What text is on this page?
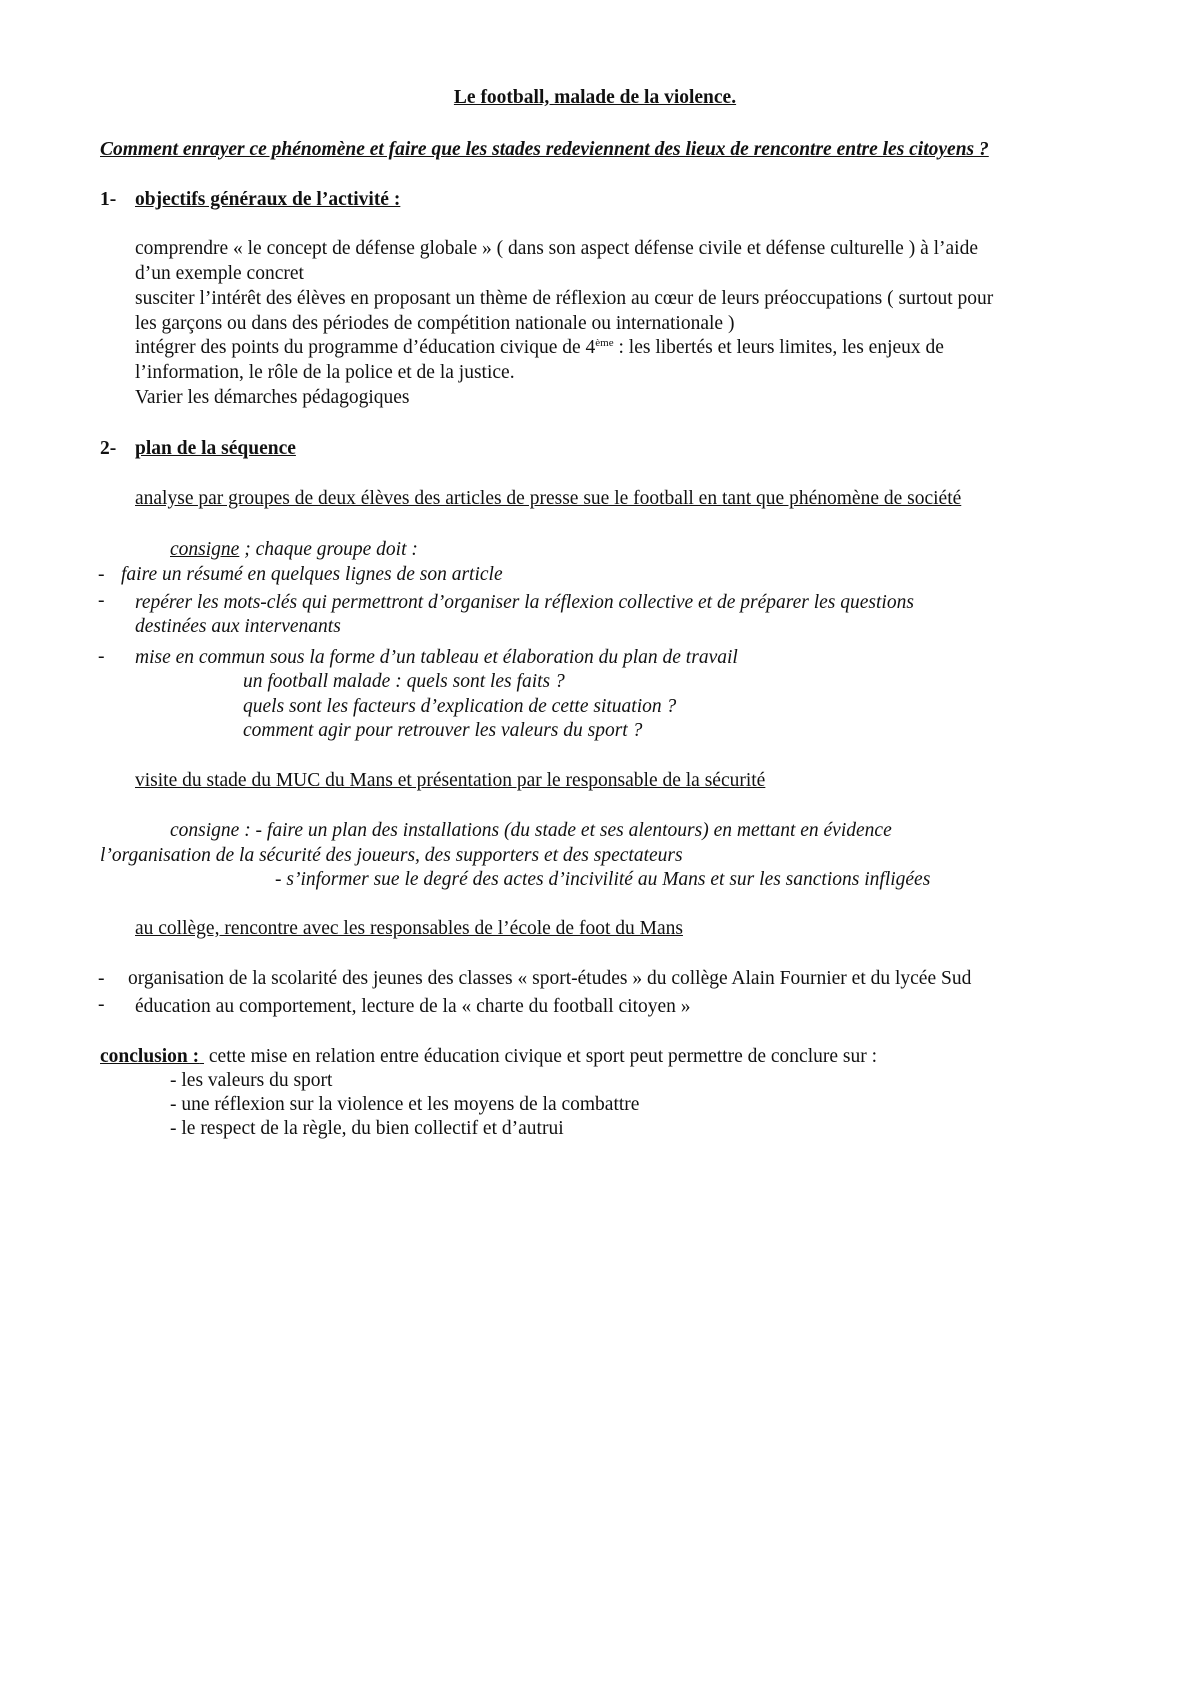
Le football, malade de la violence.
Comment enrayer ce phénomène et faire que les stades redeviennent des lieux de rencontre entre les citoyens ?
1- objectifs généraux de l’activité :
comprendre « le concept de défense globale » ( dans son aspect défense civile et défense culturelle ) à l’aide
d’un exemple concret
susciter l’intérêt des élèves en proposant un thème de réflexion au cœur de leurs préoccupations ( surtout pour
les garçons ou dans des périodes de compétition nationale ou internationale )
intégrer des points du programme d’éducation civique de 4ème : les libertés et leurs limites, les enjeux de
l’information, le rôle de la police et de la justice.
Varier les démarches pédagogiques
2- plan de la séquence
analyse par groupes de deux élèves des articles de presse sue le football en tant que phénomène de société
consigne ; chaque groupe doit :
- faire un résumé en quelques lignes de son article
- repérer les mots-clés qui permettront d’organiser la réflexion collective et de préparer les questions
destinées aux intervenants
- mise en commun sous la forme d’un tableau et élaboration du plan de travail
un football malade : quels sont les faits ?
quels sont les facteurs d’explication de cette situation ?
comment agir pour retrouver les valeurs du sport ?
visite du stade du MUC du Mans et présentation par le responsable de la sécurité
consigne : - faire un plan des installations (du stade et ses alentours) en mettant en évidence
l’organisation de la sécurité des joueurs, des supporters et des spectateurs
- s’informer sue le degré des actes d’incivilité au Mans et sur les sanctions infligées
au collège, rencontre avec les responsables de l’école de foot du Mans
- organisation de la scolarité des jeunes des classes « sport-études » du collège Alain Fournier et du lycée Sud
- éducation au comportement, lecture de la « charte du football citoyen »
conclusion :  cette mise en relation entre éducation civique et sport peut permettre de conclure sur :
- les valeurs du sport
- une réflexion sur la violence et les moyens de la combattre
- le respect de la règle, du bien collectif et d’autrui
